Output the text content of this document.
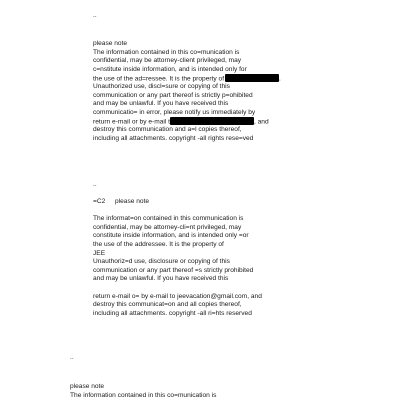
..
please note
The information contained in this co=munication is
confidential, may be attorney-client privileged, may
c=nstitute inside information, and is intended only for
the use of the ad=ressee. It is the property of	.
Unauthorized use, discl=sure or copying of this
communication or any part thereof is strictly p=ohibited
and may be unlawful. If you have received this
communicatio= in error, please notify us immediately by
return e-mail or by e-mail t	, and
destroy this communication and a=l copies thereof,
including all attachments. copyright -all rights rese=ved
..
=C2 please note
The informat=on contained in this communication is
confidential, may be attorney-cli=nt privileged, may
constitute inside information, and is intended only =or
the use of the addressee. It is the property of
JEE
Unauthoriz=d use, disclosure or copying of this
communication or any part thereof =s strictly prohibited
and may be unlawful. If you have received this
return e-mail o= by e-mail to jeevacation@gmail.com, and
destroy this communicat=on and all copies thereof,
including all attachments. copyright -all ri=hts reserved
..
please note
The information contained in this co=munication is
